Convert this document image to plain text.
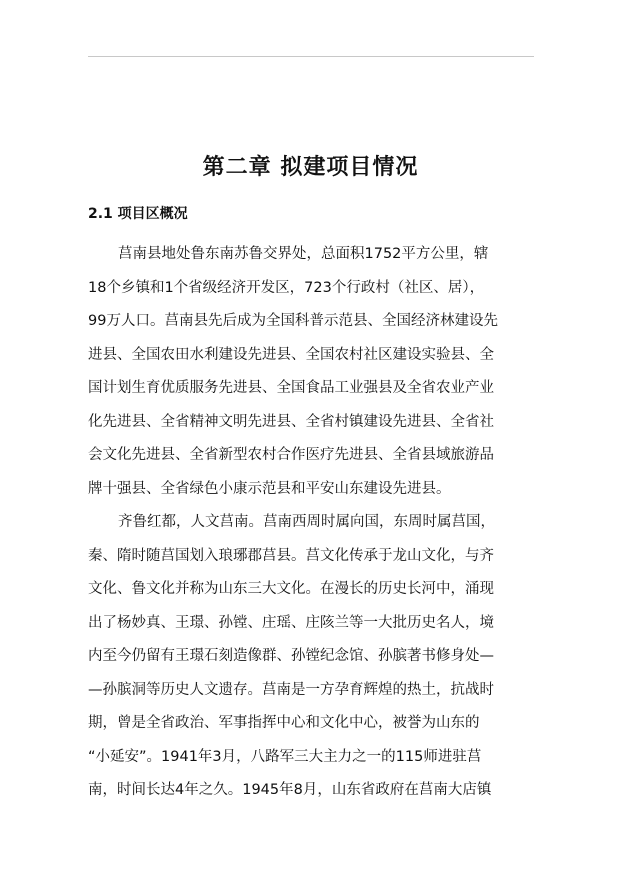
第二章 拟建项目情况
2.1 项目区概况
莒南县地处鲁东南苏鲁交界处，总面积1752平方公里，辖
18个乡镇和1个省级经济开发区，723个行政村（社区、居），
99万人口。莒南县先后成为全国科普示范县、全国经济林建设先
进县、全国农田水利建设先进县、全国农村社区建设实验县、全
国计划生育优质服务先进县、全国食品工业强县及全省农业产业
化先进县、全省精神文明先进县、全省村镇建设先进县、全省社
会文化先进县、全省新型农村合作医疗先进县、全省县域旅游品
牌十强县、全省绿色小康示范县和平安山东建设先进县。
齐鲁红都，人文莒南。莒南西周时属向国，东周时属莒国，
秦、隋时随莒国划入琅琊郡莒县。莒文化传承于龙山文化，与齐
文化、鲁文化并称为山东三大文化。在漫长的历史长河中，涌现
出了杨妙真、王璟、孙镗、庄瑶、庄陔兰等一大批历史名人，境
内至今仍留有王璟石刻造像群、孙镗纪念馆、孙膑著书修身处—
—孙膑洞等历史人文遗存。莒南是一方孕育辉煌的热土，抗战时
期，曾是全省政治、军事指挥中心和文化中心，被誉为山东的
“小延安”。1941年3月，八路军三大主力之一的115师进驻莒
南，时间长达4年之久。1945年8月，山东省政府在莒南大店镇
